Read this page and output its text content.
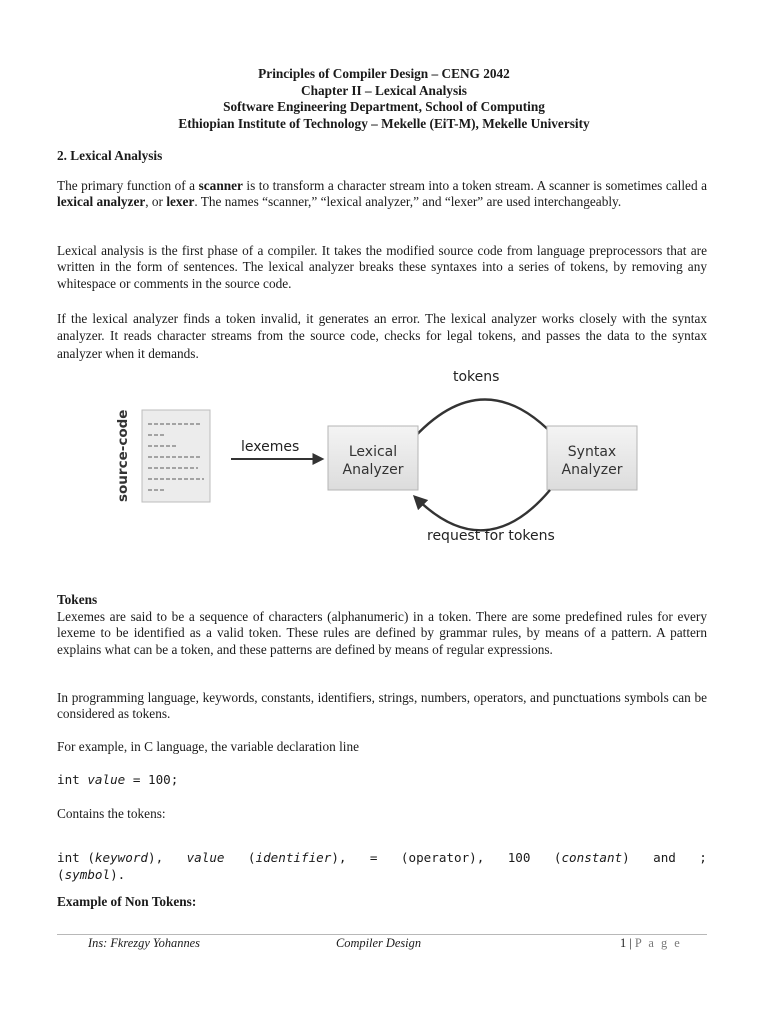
Principles of Compiler Design – CENG 2042
Chapter II – Lexical Analysis
Software Engineering Department, School of Computing
Ethiopian Institute of Technology – Mekelle (EiT-M), Mekelle University
2. Lexical Analysis
The primary function of a scanner is to transform a character stream into a token stream. A scanner is sometimes called a lexical analyzer, or lexer. The names “scanner,” “lexical analyzer,” and “lexer” are used interchangeably.
Lexical analysis is the first phase of a compiler. It takes the modified source code from language preprocessors that are written in the form of sentences. The lexical analyzer breaks these syntaxes into a series of tokens, by removing any whitespace or comments in the source code.
If the lexical analyzer finds a token invalid, it generates an error. The lexical analyzer works closely with the syntax analyzer. It reads character streams from the source code, checks for legal tokens, and passes the data to the syntax analyzer when it demands.
tokens
source-code	lexemes	Lexical
Analyzer
Syntax
Analyzer
request for tokens
Tokens
Lexemes are said to be a sequence of characters (alphanumeric) in a token. There are some predefined rules for every lexeme to be identified as a valid token. These rules are defined by grammar rules, by means of a pattern. A pattern explains what can be a token, and these patterns are defined by means of regular expressions.
In programming language, keywords, constants, identifiers, strings, numbers, operators, and punctuations symbols can be considered as tokens.
For example, in C language, the variable declaration line
int value = 100;
Contains the tokens:
int (keyword), value (identifier), = (operator), 100 (constant) and ;
(symbol).
Example of Non Tokens:
Ins: Fkrezgy Yohannes	Compiler Design	1 | P a g e
